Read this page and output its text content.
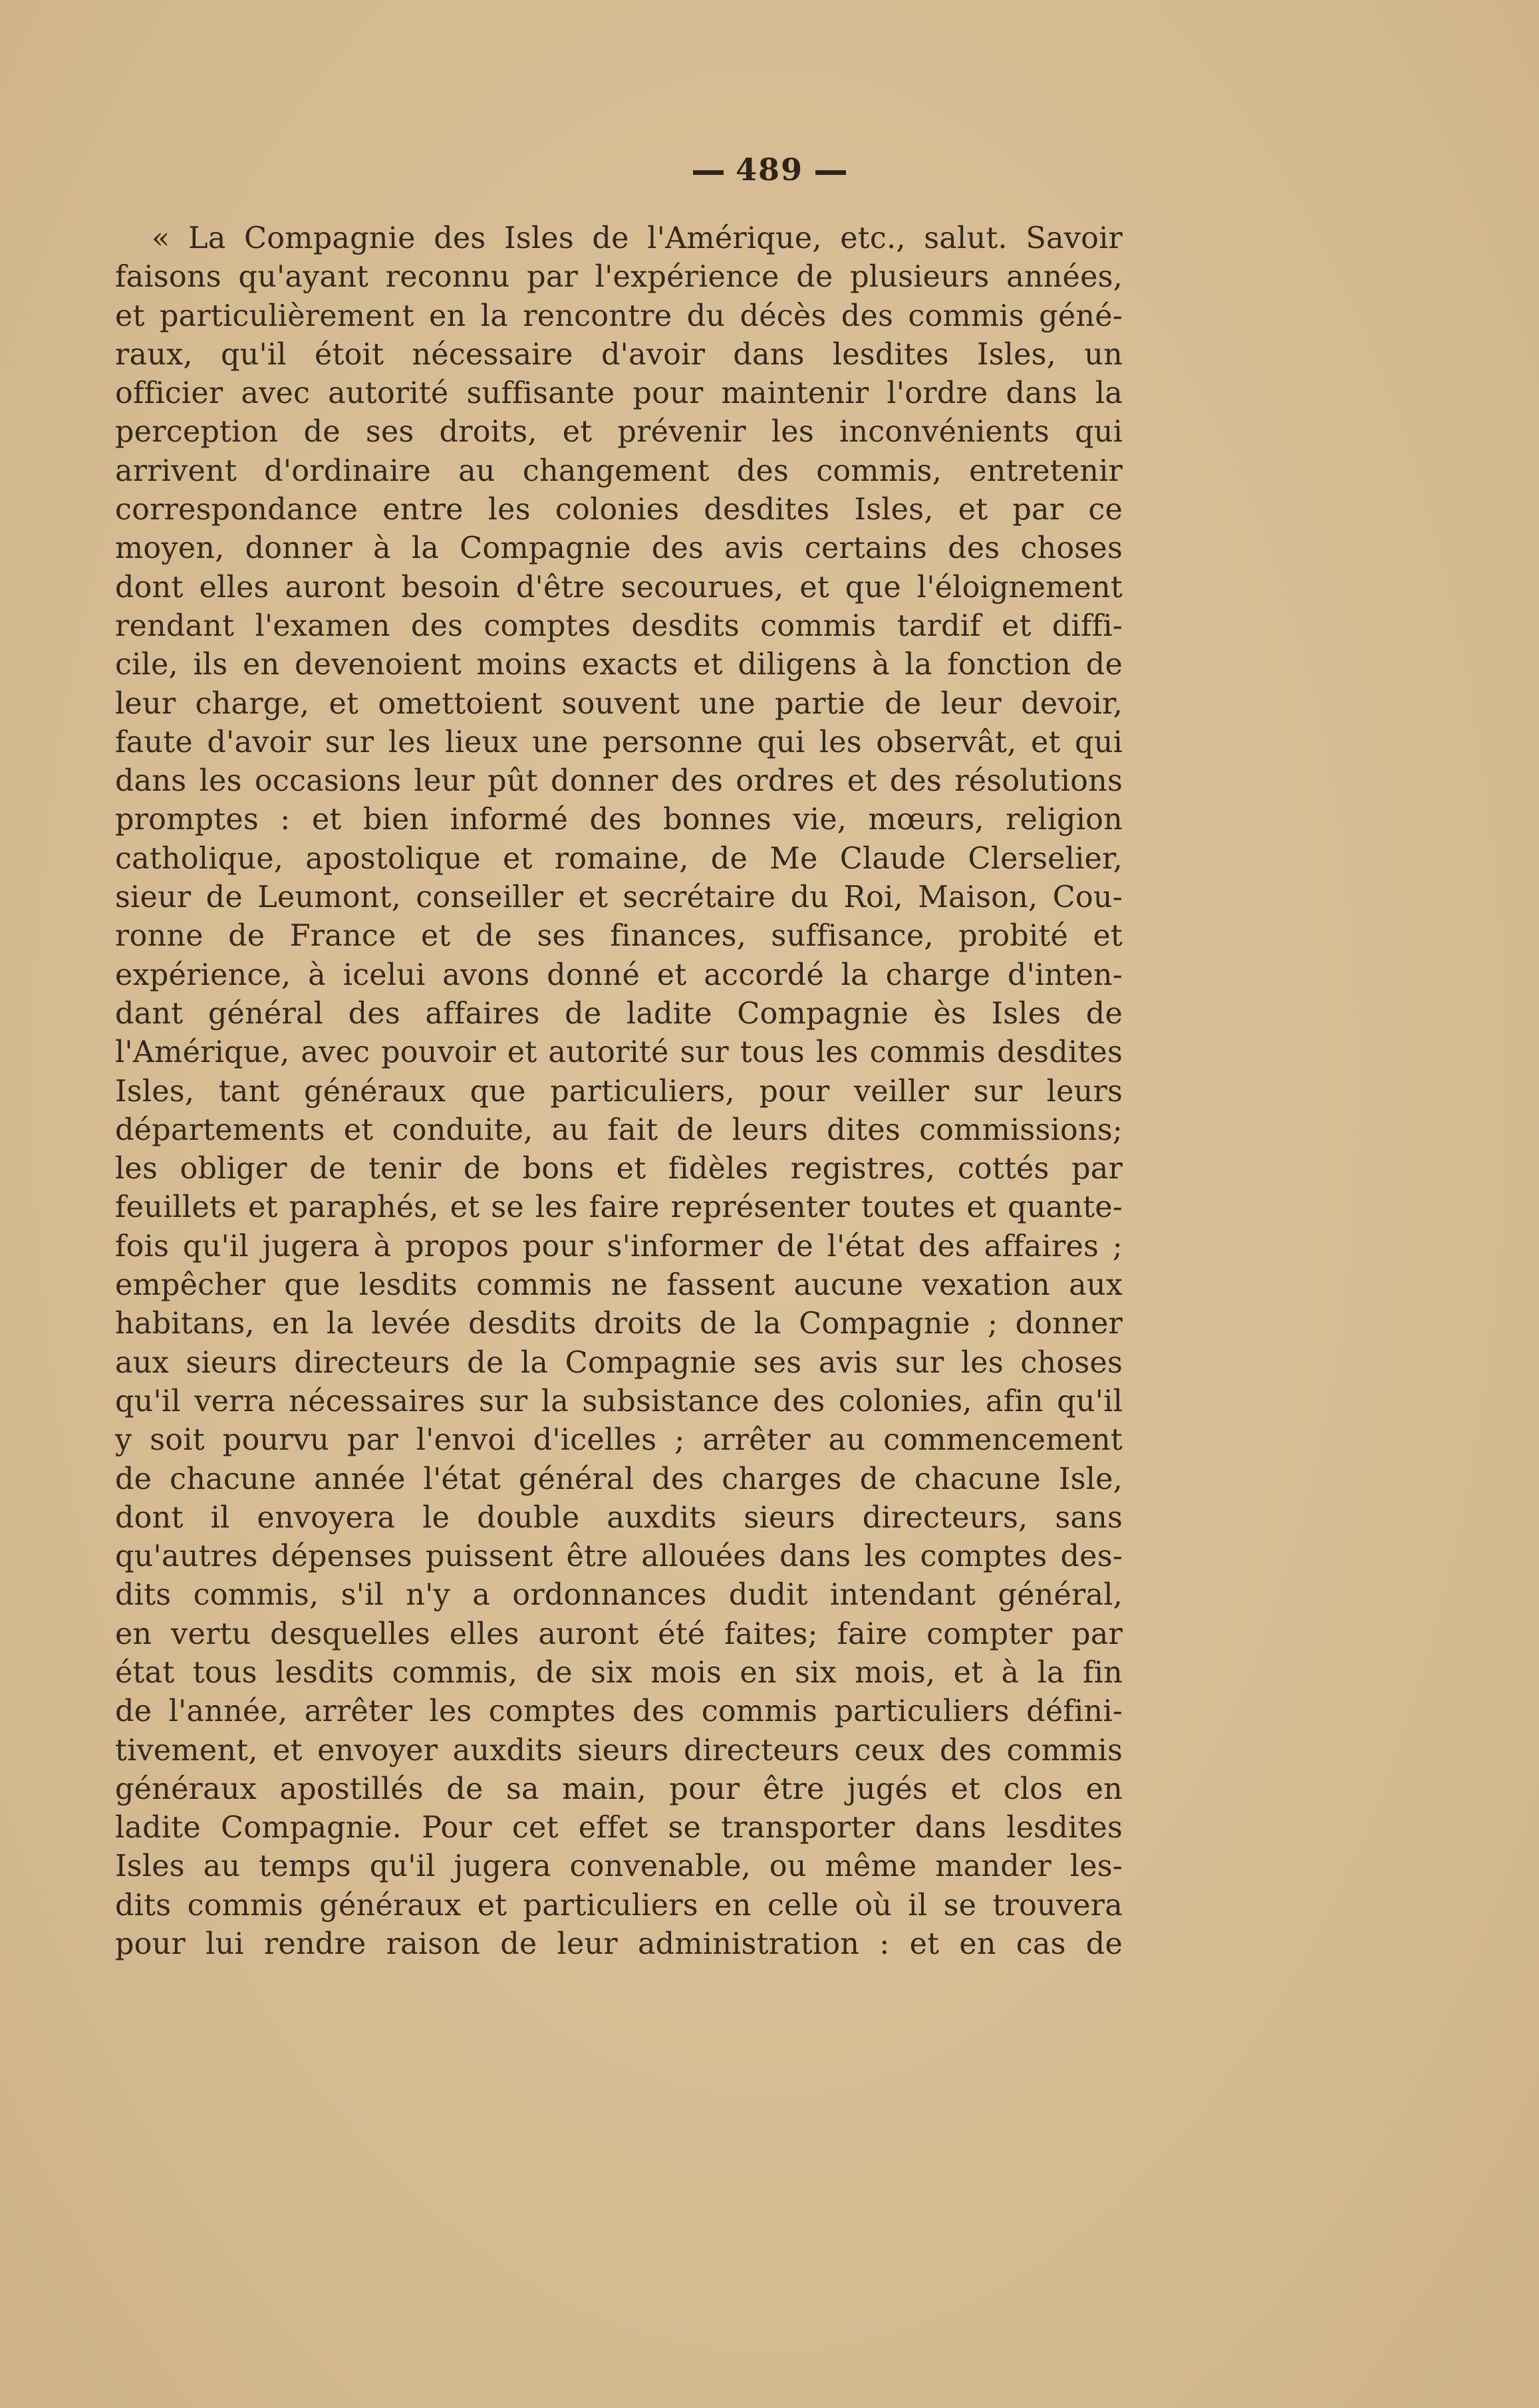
489
« La Compagnie des Isles de l'Amérique, etc., salut. Savoir
faisons qu'ayant reconnu par l'expérience de plusieurs années,
et particulièrement en la rencontre du décès des commis géné-
raux, qu'il étoit nécessaire d'avoir dans lesdites Isles, un
officier avec autorité suffisante pour maintenir l'ordre dans la
perception de ses droits, et prévenir les inconvénients qui
arrivent d'ordinaire au changement des commis, entretenir
correspondance entre les colonies desdites Isles, et par ce
moyen, donner à la Compagnie des avis certains des choses
dont elles auront besoin d'être secourues, et que l'éloignement
rendant l'examen des comptes desdits commis tardif et diffi-
cile, ils en devenoient moins exacts et diligens à la fonction de
leur charge, et omettoient souvent une partie de leur devoir,
faute d'avoir sur les lieux une personne qui les observât, et qui
dans les occasions leur pût donner des ordres et des résolutions
promptes : et bien informé des bonnes vie, mœurs, religion
catholique, apostolique et romaine, de Me Claude Clerselier,
sieur de Leumont, conseiller et secrétaire du Roi, Maison, Cou-
ronne de France et de ses finances, suffisance, probité et
expérience, à icelui avons donné et accordé la charge d'inten-
dant général des affaires de ladite Compagnie ès Isles de
l'Amérique, avec pouvoir et autorité sur tous les commis desdites
Isles, tant généraux que particuliers, pour veiller sur leurs
départements et conduite, au fait de leurs dites commissions;
les obliger de tenir de bons et fidèles registres, cottés par
feuillets et paraphés, et se les faire représenter toutes et quante-
fois qu'il jugera à propos pour s'informer de l'état des affaires ;
empêcher que lesdits commis ne fassent aucune vexation aux
habitans, en la levée desdits droits de la Compagnie ; donner
aux sieurs directeurs de la Compagnie ses avis sur les choses
qu'il verra nécessaires sur la subsistance des colonies, afin qu'il
y soit pourvu par l'envoi d'icelles ; arrêter au commencement
de chacune année l'état général des charges de chacune Isle,
dont il envoyera le double auxdits sieurs directeurs, sans
qu'autres dépenses puissent être allouées dans les comptes des-
dits commis, s'il n'y a ordonnances dudit intendant général,
en vertu desquelles elles auront été faites; faire compter par
état tous lesdits commis, de six mois en six mois, et à la fin
de l'année, arrêter les comptes des commis particuliers défini-
tivement, et envoyer auxdits sieurs directeurs ceux des commis
généraux apostillés de sa main, pour être jugés et clos en
ladite Compagnie. Pour cet effet se transporter dans lesdites
Isles au temps qu'il jugera convenable, ou même mander les-
dits commis généraux et particuliers en celle où il se trouvera
pour lui rendre raison de leur administration : et en cas de
